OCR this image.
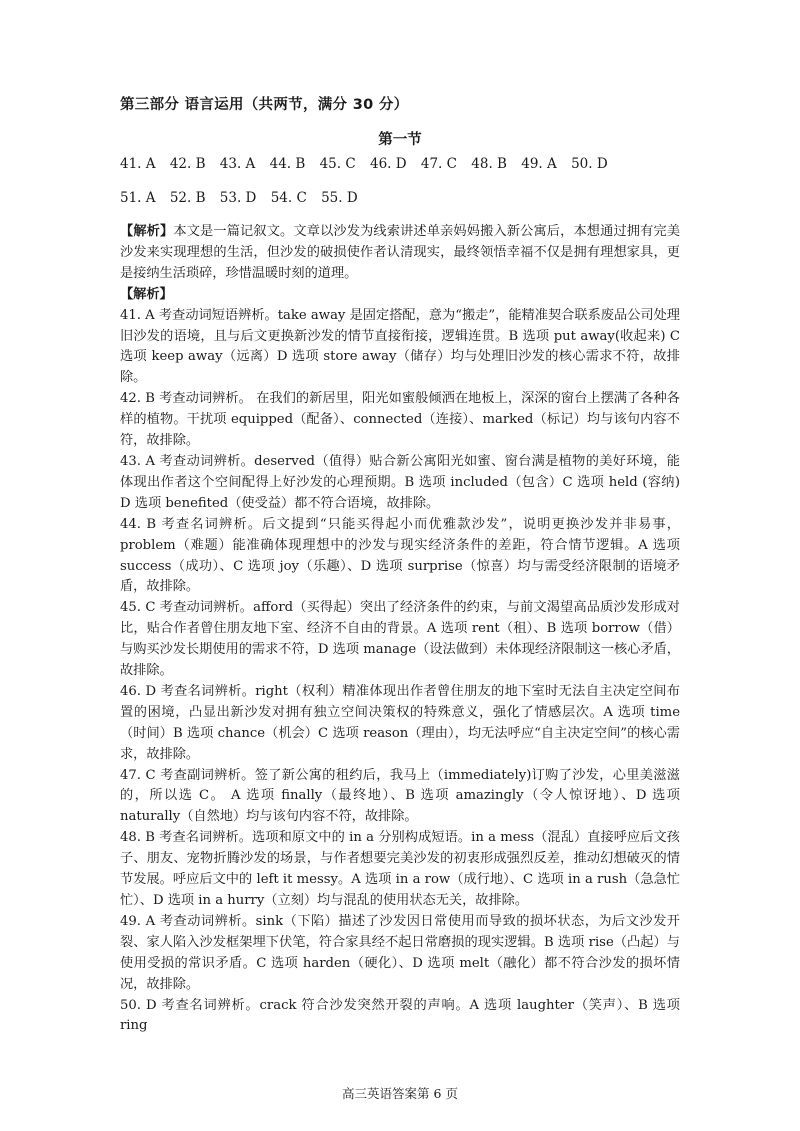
第三部分 语言运用（共两节，满分 30 分）

第一节

41. A 42. B 43. A 44. B 45. C 46. D 47. C 48. B 49. A 50. D

51. A 52. B 53. D 54. C 55. D

【解析】本文是一篇记叙文。文章以沙发为线索讲述单亲妈妈搬入新公寓后，本想通过拥有完美沙发来实现理想的生活，但沙发的破损使作者认清现实，最终领悟幸福不仅是拥有理想家具，更是接纳生活琐碎，珍惜温暖时刻的道理。

【解析】

41. A 考查动词短语辨析。take away 是固定搭配，意为“搬走”，能精准契合联系废品公司处理旧沙发的语境，且与后文更换新沙发的情节直接衔接，逻辑连贯。B 选项 put away(收起来) C 选项 keep away（远离）D 选项 store away（储存）均与处理旧沙发的核心需求不符，故排除。

42. B 考查动词辨析。 在我们的新居里，阳光如蜜般倾洒在地板上，深深的窗台上摆满了各种各样的植物。干扰项 equipped（配备）、connected（连接）、marked（标记）均与该句内容不符，故排除。

43. A 考查动词辨析。deserved（值得）贴合新公寓阳光如蜜、窗台满是植物的美好环境，能体现出作者这个空间配得上好沙发的心理预期。B 选项 included（包含）C 选项 held (容纳) D 选项 benefited（使受益）都不符合语境，故排除。

44. B 考查名词辨析。后文提到“只能买得起小而优雅款沙发”，说明更换沙发并非易事，problem（难题）能准确体现理想中的沙发与现实经济条件的差距，符合情节逻辑。A 选项 success（成功）、C 选项 joy（乐趣）、D 选项 surprise（惊喜）均与需受经济限制的语境矛盾，故排除。

45. C 考查动词辨析。afford（买得起）突出了经济条件的约束，与前文渴望高品质沙发形成对比，贴合作者曾住朋友地下室、经济不自由的背景。A 选项 rent（租）、B 选项 borrow（借）与购买沙发长期使用的需求不符，D 选项 manage（设法做到）未体现经济限制这一核心矛盾，故排除。

46. D 考查名词辨析。right（权利）精准体现出作者曾住朋友的地下室时无法自主决定空间布置的困境，凸显出新沙发对拥有独立空间决策权的特殊意义，强化了情感层次。A 选项 time（时间）B 选项 chance（机会）C 选项 reason（理由），均无法呼应“自主决定空间”的核心需求，故排除。

47. C 考查副词辨析。签了新公寓的租约后，我马上（immediately)订购了沙发，心里美滋滋的，所以选 C。 A 选项 finally（最终地）、B 选项 amazingly（令人惊讶地）、D 选项 naturally（自然地）均与该句内容不符，故排除。

48. B 考查名词辨析。选项和原文中的 in a 分别构成短语。in a mess（混乱）直接呼应后文孩子、朋友、宠物折腾沙发的场景，与作者想要完美沙发的初衷形成强烈反差，推动幻想破灭的情节发展。呼应后文中的 left it messy。A 选项 in a row（成行地）、C 选项 in a rush（急急忙忙）、D 选项 in a hurry（立刻）均与混乱的使用状态无关，故排除。

49. A 考查动词辨析。sink（下陷）描述了沙发因日常使用而导致的损坏状态，为后文沙发开裂、家人陷入沙发框架埋下伏笔，符合家具经不起日常磨损的现实逻辑。B 选项 rise（凸起）与使用受损的常识矛盾。C 选项 harden（硬化）、D 选项 melt（融化）都不符合沙发的损坏情况，故排除。

50. D 考查名词辨析。crack 符合沙发突然开裂的声响。A 选项 laughter（笑声）、B 选项 ring

高三英语答案第 6 页
